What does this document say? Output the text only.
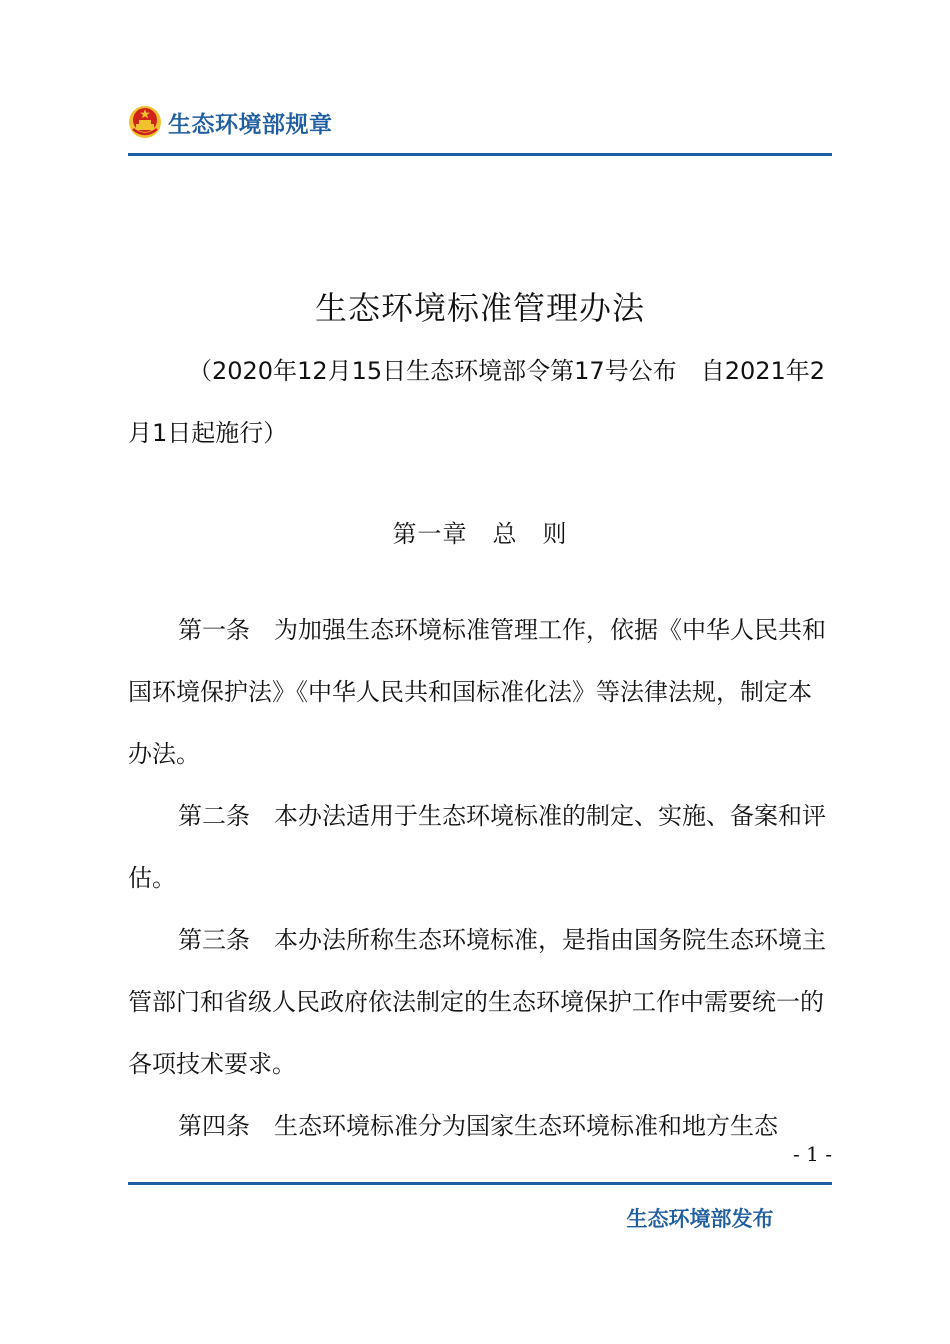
生态环境部规章
生态环境标准管理办法
（2020年12月15日生态环境部令第17号公布　自2021年2月1日起施行）
第一章　总　则

第一条 为加强生态环境标准管理工作，依据《中华人民共和国环境保护法》《中华人民共和国标准化法》等法律法规，制定本办法。

第二条 本办法适用于生态环境标准的制定、实施、备案和评估。

第三条 本办法所称生态环境标准，是指由国务院生态环境主管部门和省级人民政府依法制定的生态环境保护工作中需要统一的各项技术要求。

第四条 生态环境标准分为国家生态环境标准和地方生态

- 1 -
生态环境部发布
